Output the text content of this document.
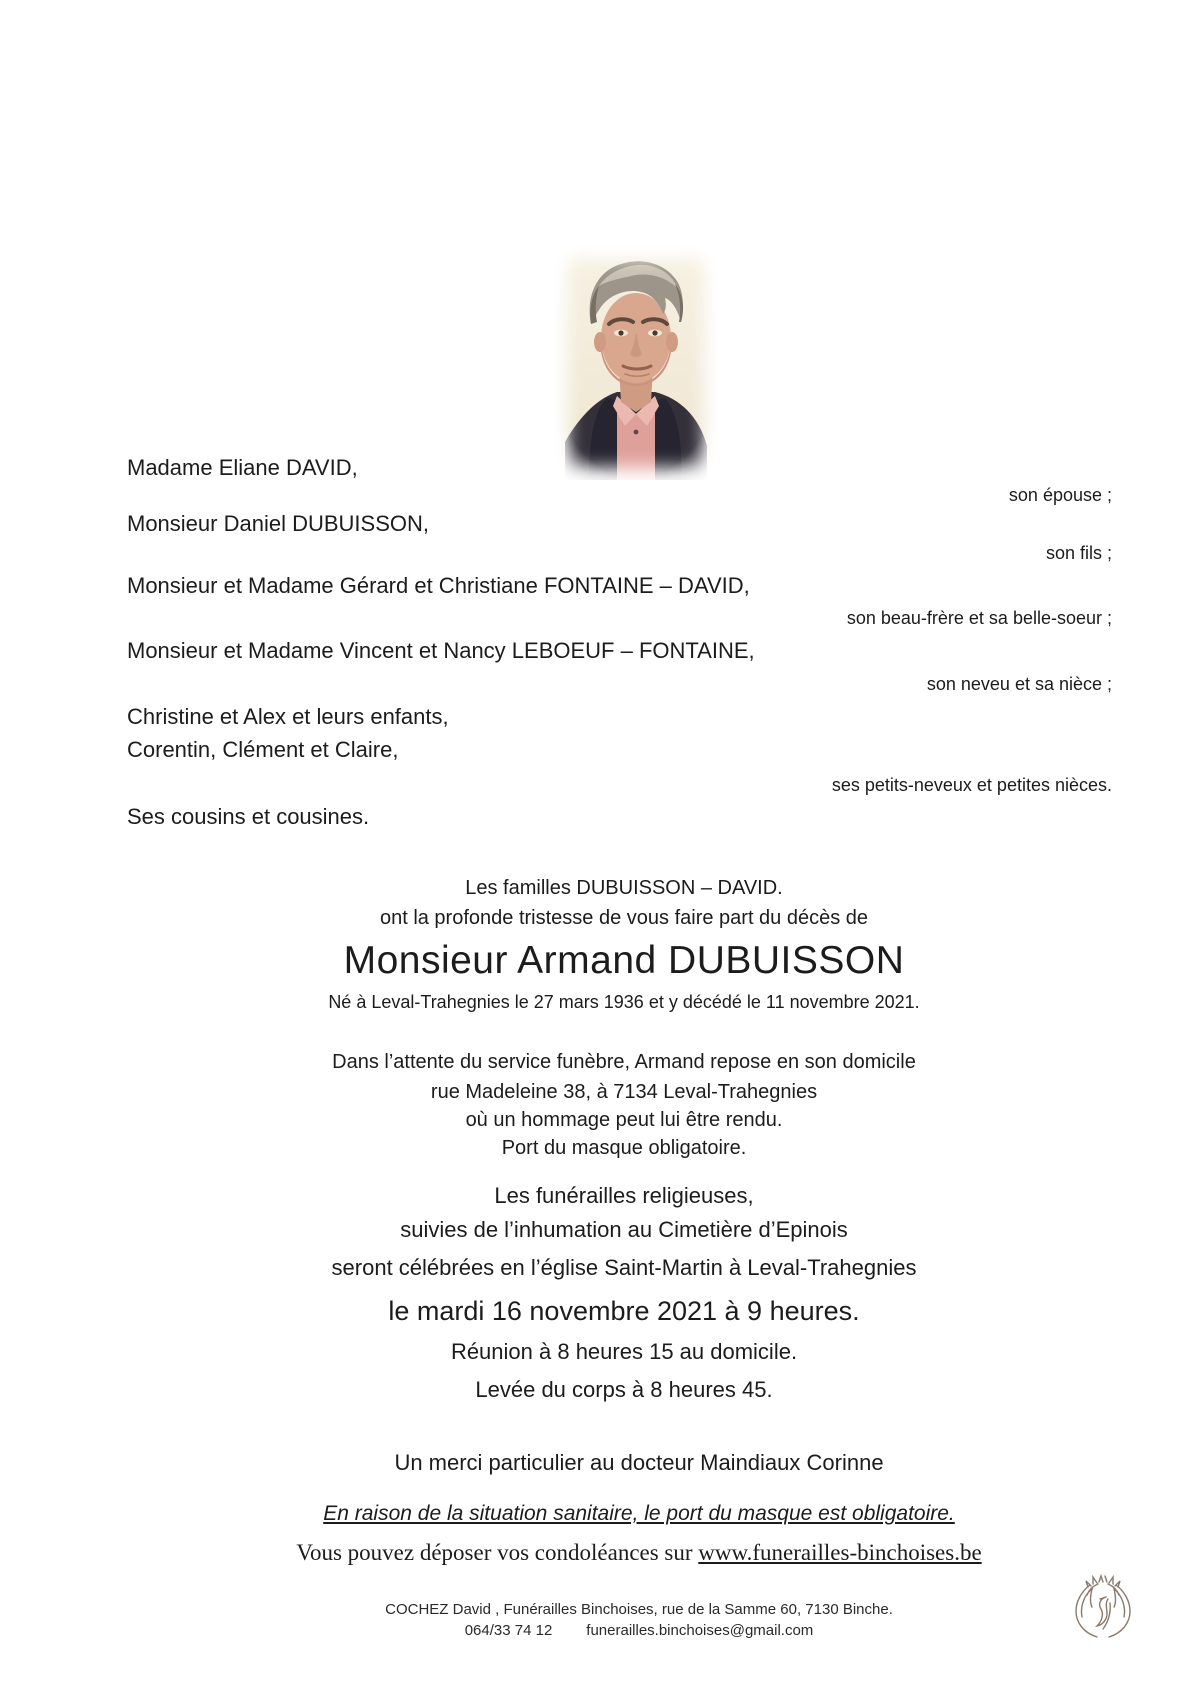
Madame Eliane DAVID,
Monsieur Daniel DUBUISSON,
Monsieur et Madame Gérard et Christiane FONTAINE – DAVID,
Monsieur et Madame Vincent et Nancy LEBOEUF – FONTAINE,
Christine et Alex et leurs enfants,
Corentin, Clément et Claire,
Ses cousins et cousines.
son épouse ;
son fils ;
son beau-frère et sa belle-soeur ;
son neveu et sa nièce ;
ses petits-neveux et petites nièces.
Les familles DUBUISSON – DAVID.
ont la profonde tristesse de vous faire part du décès de
Monsieur Armand DUBUISSON
Né à Leval-Trahegnies le 27 mars 1936 et y décédé le 11 novembre 2021.
Dans l’attente du service funèbre, Armand repose en son domicile
rue Madeleine 38, à 7134 Leval-Trahegnies
où un hommage peut lui être rendu.
Port du masque obligatoire.
Les funérailles religieuses,
suivies de l’inhumation au Cimetière d’Epinois
seront célébrées en l’église Saint-Martin à Leval-Trahegnies
le mardi 16 novembre 2021 à 9 heures.
Réunion à 8 heures 15 au domicile.
Levée du corps à 8 heures 45.
Un merci particulier au docteur Maindiaux Corinne
En raison de la situation sanitaire, le port du masque est obligatoire.
Vous pouvez déposer vos condoléances sur www.funerailles-binchoises.be
COCHEZ David , Funérailles Binchoises, rue de la Samme 60, 7130 Binche.
064/33 74 12 funerailles.binchoises@gmail.com
